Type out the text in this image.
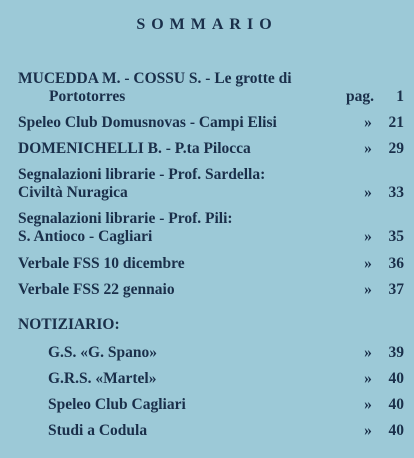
SOMMARIO
MUCEDDA M. - COSSU S. - Le grotte di
Portotorres	pag.	1
Speleo Club Domusnovas - Campi Elisi	»	21
DOMENICHELLI B. - P.ta Pilocca	»	29
Segnalazioni librarie - Prof. Sardella:
Civiltà Nuragica	»	33
Segnalazioni librarie - Prof. Pili:
S. Antioco - Cagliari	»	35
Verbale FSS 10 dicembre	»	36
Verbale FSS 22 gennaio	»	37
NOTIZIARIO:
G.S. «G. Spano»	»	39
G.R.S. «Martel»	»	40
Speleo Club Cagliari	»	40
Studi a Codula	»	40
